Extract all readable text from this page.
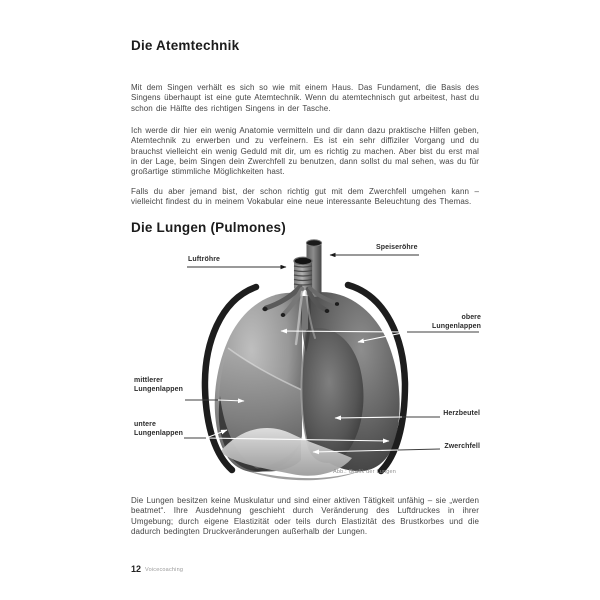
Die Atemtechnik
Mit dem Singen verhält es sich so wie mit einem Haus. Das Fundament, die Basis des Singens überhaupt ist eine gute Atemtechnik. Wenn du atemtechnisch gut arbeitest, hast du schon die Hälfte des richtigen Singens in der Tasche.
Ich werde dir hier ein wenig Anatomie vermitteln und dir dann dazu praktische Hilfen geben, Atemtechnik zu erwerben und zu verfeinern. Es ist ein sehr diffiziler Vorgang und du brauchst vielleicht ein wenig Geduld mit dir, um es richtig zu machen. Aber bist du erst mal in der Lage, beim Singen dein Zwerchfell zu benutzen, dann sollst du mal sehen, was du für großartige stimmliche Möglichkeiten hast.
Falls du aber jemand bist, der schon richtig gut mit dem Zwerchfell umgehen kann – vielleicht findest du in meinem Vokabular eine neue interessante Beleuchtung des Themas.
Die Lungen (Pulmones)
Luftröhre
Speiseröhre
obere Lungenlappen
mittlerer Lungenlappen
untere Lungenlappen
Herzbeutel
Zwerchfell
Abb.: Grafik der Lungen
Die Lungen besitzen keine Muskulatur und sind einer aktiven Tätigkeit unfähig – sie „werden beatmet“. Ihre Ausdehnung geschieht durch Veränderung des Luftdruckes in ihrer Umgebung; durch eigene Elastizität oder teils durch Elastizität des Brustkorbes und die dadurch bedingten Druckveränderungen außerhalb der Lungen.
12 Voicecoaching
